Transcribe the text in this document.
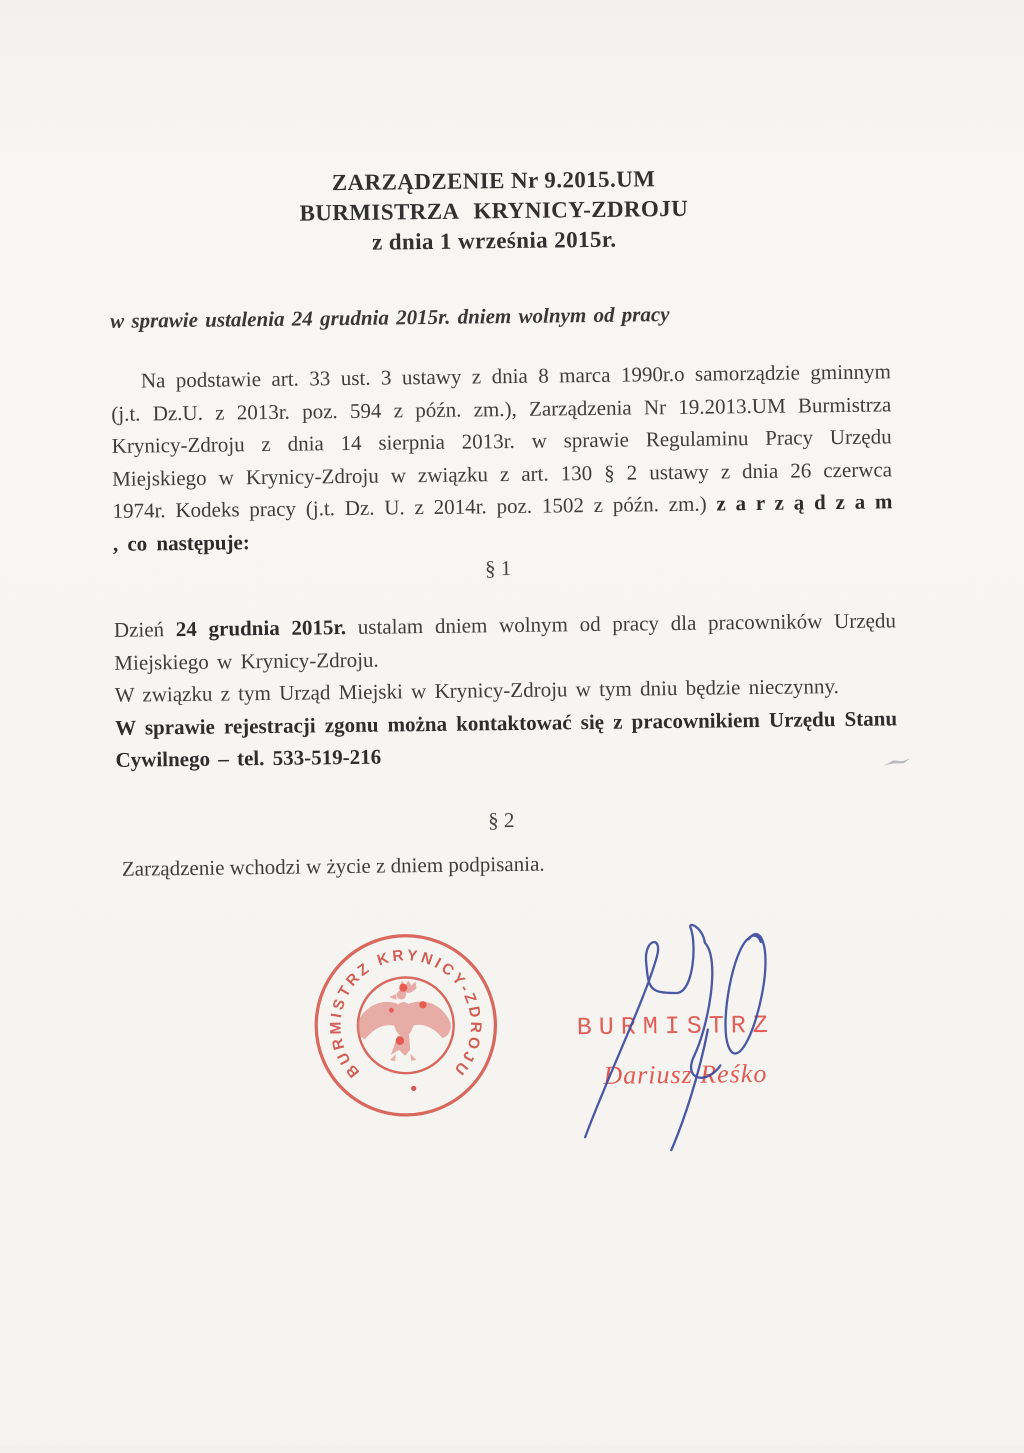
ZARZĄDZENIE Nr 9.2015.UM
BURMISTRZA KRYNICY-ZDROJU
z dnia 1 września 2015r.

w sprawie ustalenia 24 grudnia 2015r. dniem wolnym od pracy

Na podstawie art. 33 ust. 3 ustawy z dnia 8 marca 1990r.o samorządzie gminnym (j.t. Dz.U. z 2013r. poz. 594 z późn. zm.), Zarządzenia Nr 19.2013.UM Burmistrza Krynicy-Zdroju z dnia 14 sierpnia 2013r. w sprawie Regulaminu Pracy Urzędu Miejskiego w Krynicy-Zdroju w związku z art. 130 § 2 ustawy z dnia 26 czerwca 1974r. Kodeks pracy (j.t. Dz. U. z 2014r. poz. 1502 z późn. zm.) z a r z ą d z a m , co następuje:

§ 1

Dzień 24 grudnia 2015r. ustalam dniem wolnym od pracy dla pracowników Urzędu Miejskiego w Krynicy-Zdroju.

W związku z tym Urząd Miejski w Krynicy-Zdroju w tym dniu będzie nieczynny.

W sprawie rejestracji zgonu można kontaktować się z pracownikiem Urzędu Stanu Cywilnego – tel. 533-519-216

§ 2

Zarządzenie wchodzi w życie z dniem podpisania.

BURMISTRZ KRYNICY-ZDROJU

BURMISTRZ

Dariusz Reśko
